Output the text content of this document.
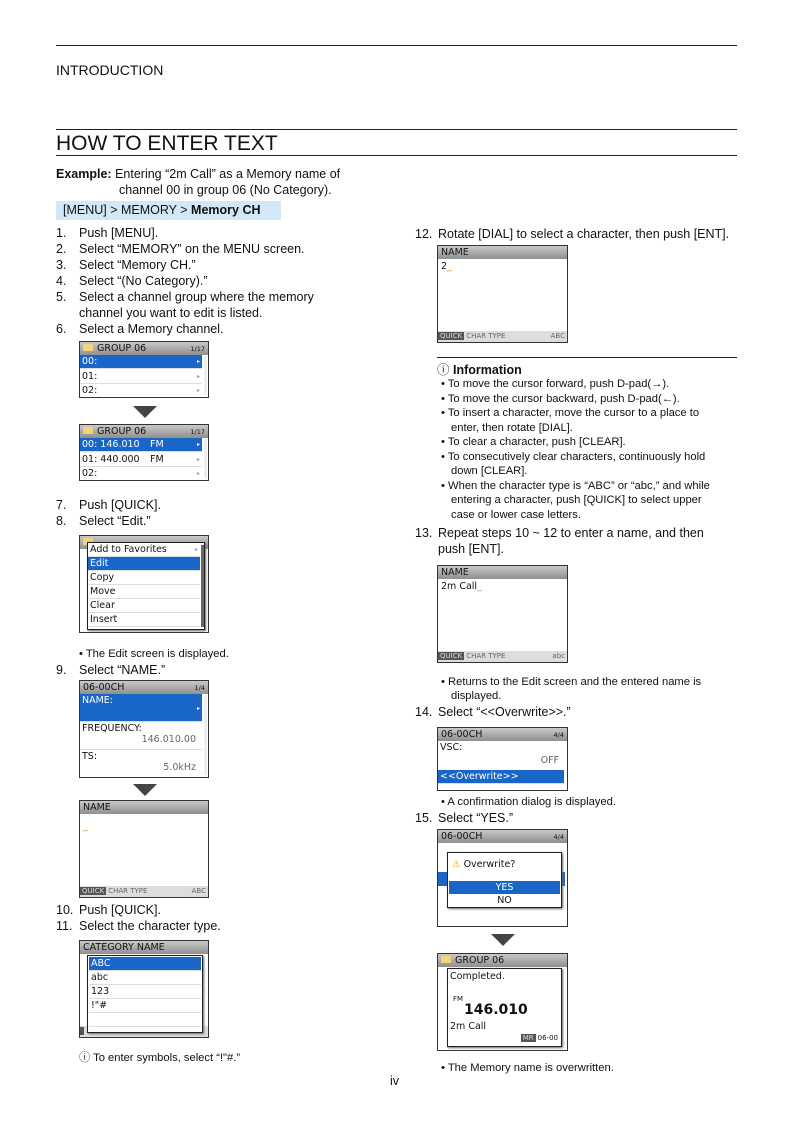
INTRODUCTION
HOW TO ENTER TEXT
Example: Entering “2m Call” as a Memory name of
channel 00 in group 06 (No Category).
[MENU] > MEMORY > Memory CH
1. Push [MENU].
2. Select “MEMORY” on the MENU screen.
3. Select “Memory CH.”
4. Select “(No Category).”
5. Select a channel group where the memory
channel you want to edit is listed.
6. Select a Memory channel.
GROUP 06	1/17
00:	▸
01:	▸
02:	▸
GROUP 06	1/17
00: 146.010 FM	▸
01: 440.000 FM	▸
02:	▸
7. Push [QUICK].
8. Select “Edit.”
Add to Favorites	▸
Edit
Copy
Move
Clear
Insert
• The Edit screen is displayed.
9. Select “NAME.”
06-00CH	1/4
NAME:
▸
FREQUENCY:
146.010.00
TS:
5.0kHz
NAME
_
QUICK CHAR TYPE	ABC
10. Push [QUICK].
11. Select the character type.
CATEGORY NAME
ABC
abc
123
!"#
ⓘ To enter symbols, select “!"#.”
12. Rotate [DIAL] to select a character, then push [ENT].
NAME
2_
QUICK CHAR TYPE	ABC
ⓘ Information
• To move the cursor forward, push D-pad(→).
• To move the cursor backward, push D-pad(←).
• To insert a character, move the cursor to a place to
enter, then rotate [DIAL].
• To clear a character, push [CLEAR].
• To consecutively clear characters, continuously hold
down [CLEAR].
• When the character type is “ABC” or “abc,” and while
entering a character, push [QUICK] to select upper
case or lower case letters.
13. Repeat steps 10 ~ 12 to enter a name, and then
push [ENT].
NAME
2m Call_
QUICK CHAR TYPE	abc
• Returns to the Edit screen and the entered name is
displayed.
14. Select “<<Overwrite>>.”
06-00CH	4/4
VSC:
OFF
<<Overwrite>>
• A confirmation dialog is displayed.
15. Select “YES.”
06-00CH	4/4
⚠ Overwrite?
YES
NO
GROUP 06
Completed.
FM
146.010
2m Call
MR 06-00
• The Memory name is overwritten.
iv
